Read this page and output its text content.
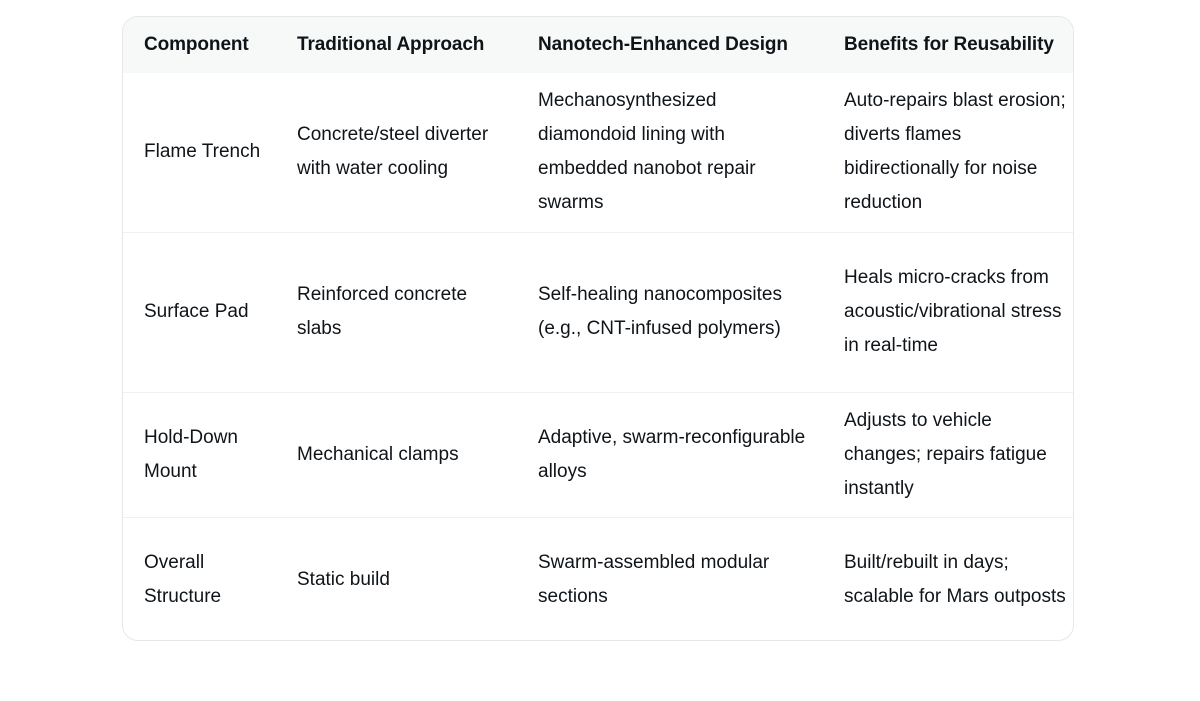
Component	Traditional Approach	Nanotech-Enhanced Design	Benefits for Reusability
Flame Trench	Concrete/steel diverter with water cooling	Mechanosynthesized diamondoid lining with embedded nanobot repair swarms	Auto-repairs blast erosion; diverts flames bidirectionally for noise reduction
Surface Pad	Reinforced concrete slabs	Self-healing nanocomposites (e.g., CNT-infused polymers)	Heals micro-cracks from acoustic/vibrational stress in real-time
Hold-Down Mount	Mechanical clamps	Adaptive, swarm-reconfigurable alloys	Adjusts to vehicle changes; repairs fatigue instantly
Overall Structure	Static build	Swarm-assembled modular sections	Built/rebuilt in days; scalable for Mars outposts
